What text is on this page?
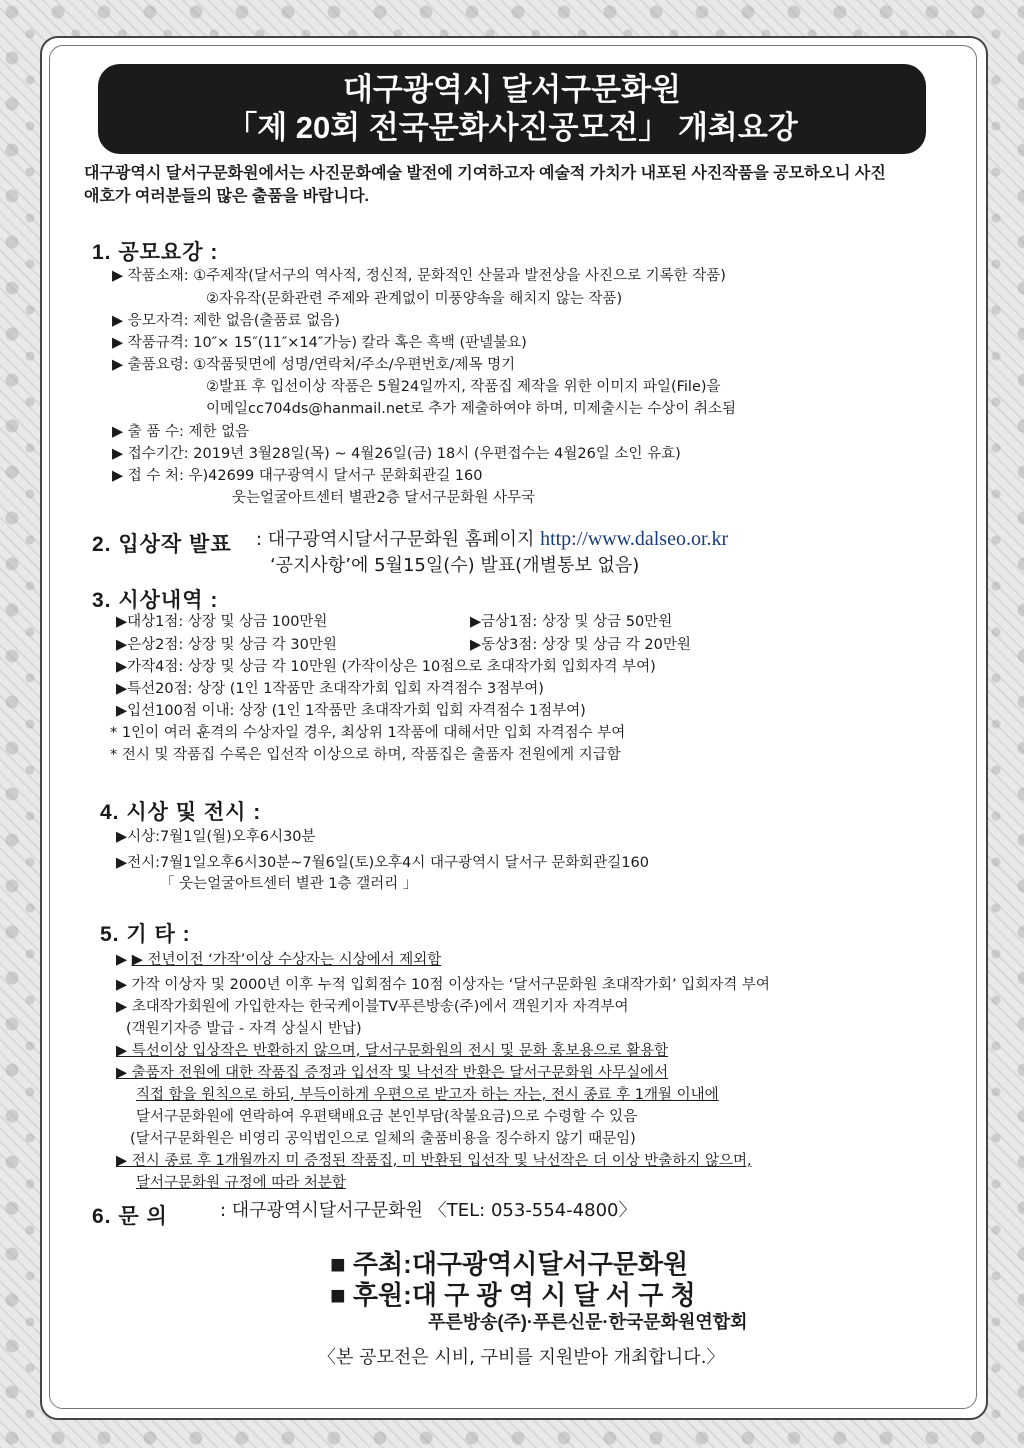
대구광역시 달서구문화원
「제 20회 전국문화사진공모전」 개최요강
대구광역시 달서구문화원에서는 사진문화예술 발전에 기여하고자 예술적 가치가 내포된 사진작품을 공모하오니 사진
애호가 여러분들의 많은 출품을 바랍니다.
1. 공모요강 :
▶ 작품소재: ①주제작(달서구의 역사적, 정신적, 문화적인 산물과 발전상을 사진으로 기록한 작품)
②자유작(문화관련 주제와 관계없이 미풍양속을 해치지 않는 작품)
▶ 응모자격: 제한 없음(출품료 없음)
▶ 작품규격: 10″× 15″(11″×14″가능) 칼라 혹은 흑백 (판넬불요)
▶ 출품요령: ①작품뒷면에 성명/연락처/주소/우편번호/제목 명기
②발표 후 입선이상 작품은 5월24일까지, 작품집 제작을 위한 이미지 파일(File)을
이메일cc704ds@hanmail.net로 추가 제출하여야 하며, 미제출시는 수상이 취소됨
▶ 출 품 수: 제한 없음
▶ 접수기간: 2019년 3월28일(목) ~ 4월26일(금) 18시 (우편접수는 4월26일 소인 유효)
▶ 접 수 처: 우)42699 대구광역시 달서구 문화회관길 160
웃는얼굴아트센터 별관2층 달서구문화원 사무국
2. 입상작 발표 : 대구광역시달서구문화원 홈페이지 http://www.dalseo.or.kr
‘공지사항’에 5월15일(수) 발표(개별통보 없음)
3. 시상내역 :
▶대상1점: 상장 및 상금 100만원	▶금상1점: 상장 및 상금 50만원
▶은상2점: 상장 및 상금 각 30만원	▶동상3점: 상장 및 상금 각 20만원
▶가작4점: 상장 및 상금 각 10만원 (가작이상은 10점으로 초대작가회 입회자격 부여)
▶특선20점: 상장 (1인 1작품만 초대작가회 입회 자격점수 3점부여)
▶입선100점 이내: 상장 (1인 1작품만 초대작가회 입회 자격점수 1점부여)
* 1인이 여러 훈격의 수상자일 경우, 최상위 1작품에 대해서만 입회 자격점수 부여
* 전시 및 작품집 수록은 입선작 이상으로 하며, 작품집은 출품자 전원에게 지급함
4. 시상 및 전시 :
▶시상:7월1일(월)오후6시30분
▶전시:7월1일오후6시30분~7월6일(토)오후4시 대구광역시 달서구 문화회관길160
「 웃는얼굴아트센터 별관 1층 갤러리 」
5. 기 타 :
▶ ▶ 전년이전 ‘가작’이상 수상자는 시상에서 제외함
▶ 가작 이상자 및 2000년 이후 누적 입회점수 10점 이상자는 ‘달서구문화원 초대작가회’ 입회자격 부여
▶ 초대작가회원에 가입한자는 한국케이블TV푸른방송(주)에서 객원기자 자격부여
(객원기자증 발급 - 자격 상실시 반납)
▶ 특선이상 입상작은 반환하지 않으며, 달서구문화원의 전시 및 문화 홍보용으로 활용함
▶ 출품자 전원에 대한 작품집 증정과 입선작 및 낙선작 반환은 달서구문화원 사무실에서
직접 함을 원칙으로 하되, 부득이하게 우편으로 받고자 하는 자는, 전시 종료 후 1개월 이내에
달서구문화원에 연락하여 우편택배요금 본인부담(착불요금)으로 수령할 수 있음
(달서구문화원은 비영리 공익법인으로 일체의 출품비용을 징수하지 않기 때문임)
▶ 전시 종료 후 1개월까지 미 증정된 작품집, 미 반환된 입선작 및 낙선작은 더 이상 반출하지 않으며,
달서구문화원 규정에 따라 처분함
6. 문 의	: 대구광역시달서구문화원 〈TEL: 053-554-4800〉
■ 주최:대구광역시달서구문화원
■ 후원:대 구 광 역 시 달 서 구 청
푸른방송(주)·푸른신문·한국문화원연합회
〈본 공모전은 시비, 구비를 지원받아 개최합니다.〉
